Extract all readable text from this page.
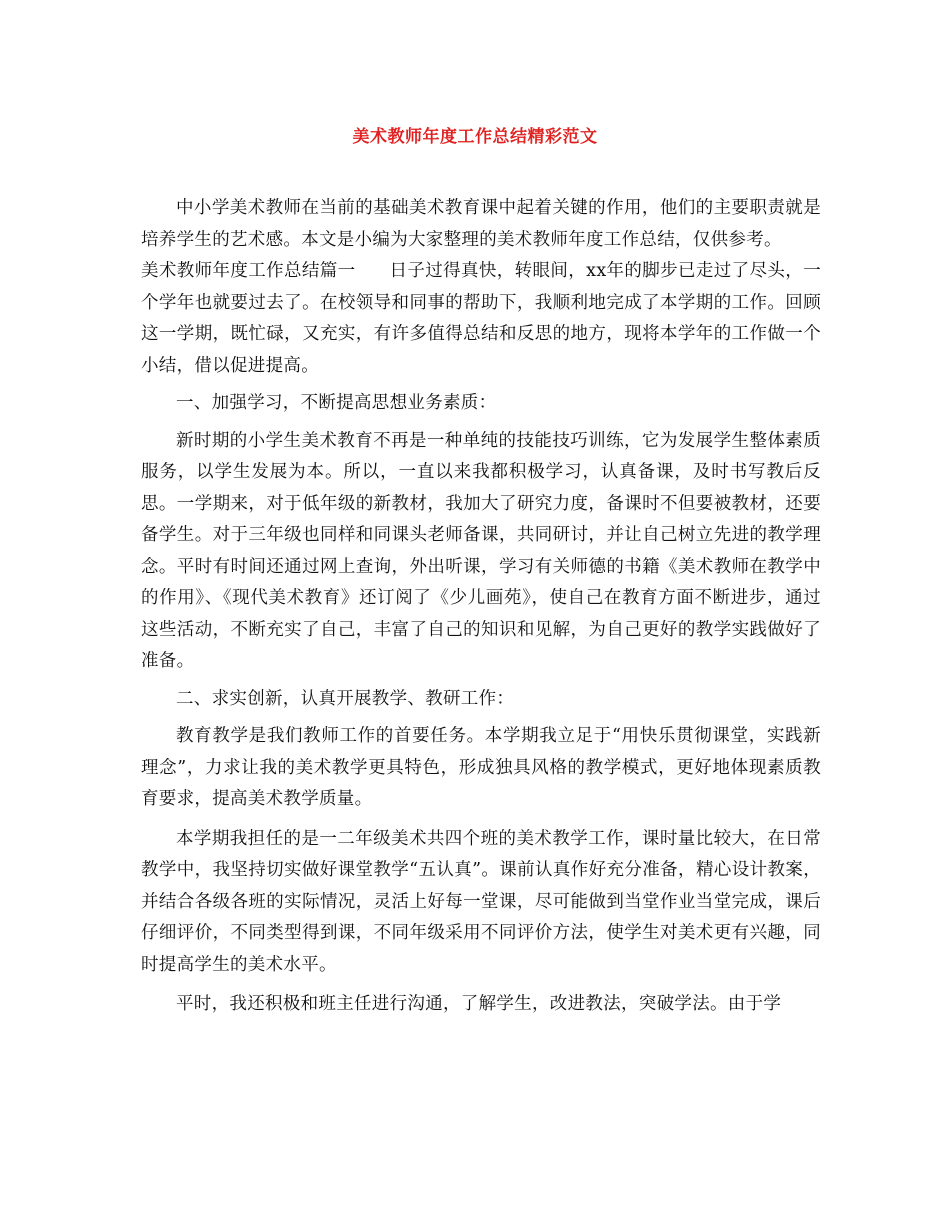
美术教师年度工作总结精彩范文

中小学美术教师在当前的基础美术教育课中起着关键的作用，他们的主要职责就是培养学生的艺术感。本文是小编为大家整理的美术教师年度工作总结，仅供参考。

美术教师年度工作总结篇一 日子过得真快，转眼间，xx年的脚步已走过了尽头，一个学年也就要过去了。在校领导和同事的帮助下，我顺利地完成了本学期的工作。回顾这一学期，既忙碌，又充实，有许多值得总结和反思的地方，现将本学年的工作做一个小结，借以促进提高。

一、加强学习，不断提高思想业务素质：

新时期的小学生美术教育不再是一种单纯的技能技巧训练，它为发展学生整体素质服务，以学生发展为本。所以，一直以来我都积极学习，认真备课，及时书写教后反思。一学期来，对于低年级的新教材，我加大了研究力度，备课时不但要被教材，还要备学生。对于三年级也同样和同课头老师备课，共同研讨，并让自己树立先进的教学理念。平时有时间还通过网上查询，外出听课，学习有关师德的书籍《美术教师在教学中的作用》、《现代美术教育》还订阅了《少儿画苑》，使自己在教育方面不断进步，通过这些活动，不断充实了自己，丰富了自己的知识和见解，为自己更好的教学实践做好了准备。

二、求实创新，认真开展教学、教研工作：

教育教学是我们教师工作的首要任务。本学期我立足于“用快乐贯彻课堂，实践新理念”，力求让我的美术教学更具特色，形成独具风格的教学模式，更好地体现素质教育要求，提高美术教学质量。

本学期我担任的是一二年级美术共四个班的美术教学工作，课时量比较大，在日常教学中，我坚持切实做好课堂教学“五认真”。课前认真作好充分准备，精心设计教案，并结合各级各班的实际情况，灵活上好每一堂课，尽可能做到当堂作业当堂完成，课后仔细评价，不同类型得到课，不同年级采用不同评价方法，使学生对美术更有兴趣，同时提高学生的美术水平。

平时，我还积极和班主任进行沟通，了解学生，改进教法，突破学法。由于学
